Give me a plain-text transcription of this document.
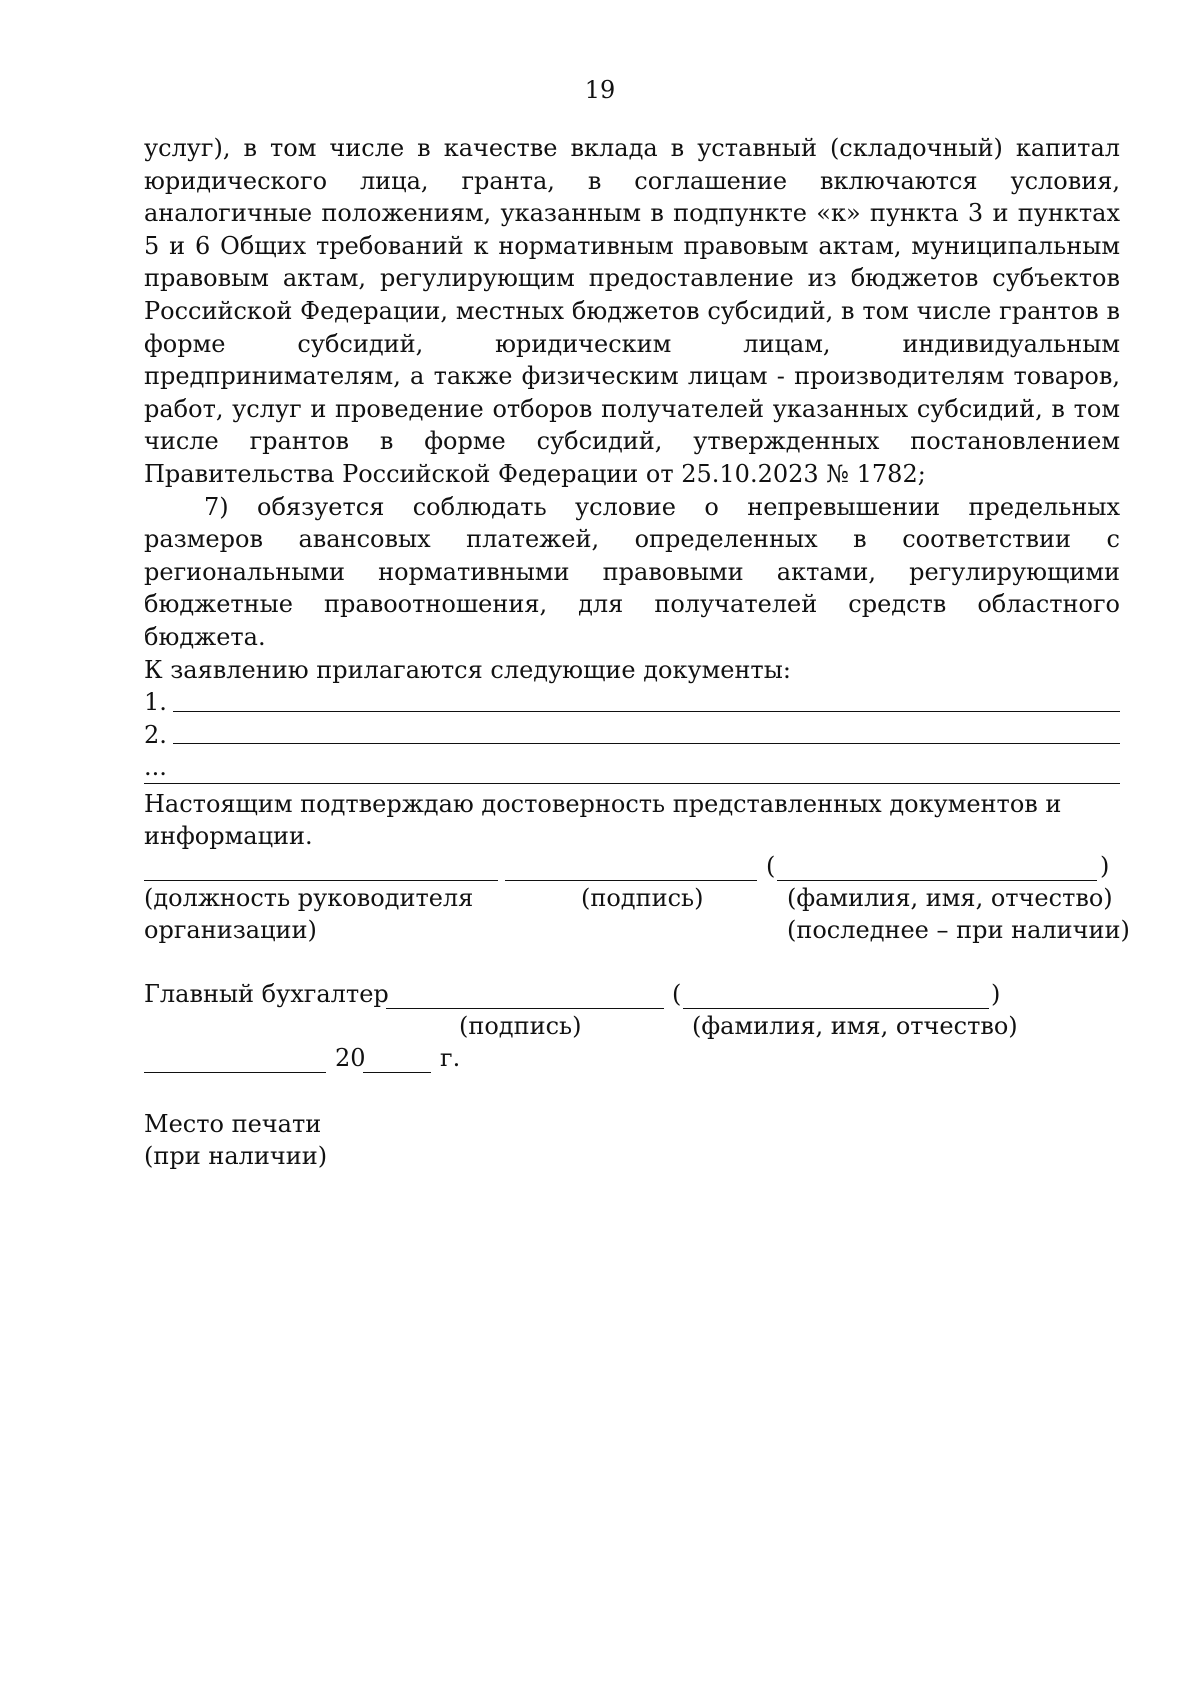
19

услуг), в том числе в качестве вклада в уставный (складочный) капитал юридического лица, гранта, в соглашение включаются условия, аналогичные положениям, указанным в подпункте «к» пункта 3 и пунктах 5 и 6 Общих требований к нормативным правовым актам, муниципальным правовым актам, регулирующим предоставление из бюджетов субъектов Российской Федерации, местных бюджетов субсидий, в том числе грантов в форме субсидий, юридическим лицам, индивидуальным предпринимателям, а также физическим лицам - производителям товаров, работ, услуг и проведение отборов получателей указанных субсидий, в том числе грантов в форме субсидий, утвержденных постановлением Правительства Российской Федерации от 25.10.2023 № 1782;

7) обязуется соблюдать условие о непревышении предельных размеров авансовых платежей, определенных в соответствии с региональными нормативными правовыми актами, регулирующими бюджетные правоотношения, для получателей средств областного бюджета.

К заявлению прилагаются следующие документы:

1.
2.
...

Настоящим подтверждаю достоверность представленных документов и

информации.

(	)
(должность руководителя
организации)
(подпись)	(фамилия, имя, отчество)
(последнее – при наличии)
Главный бухгалтер	(	)
(подпись)	(фамилия, имя, отчество)
20	г.
Место печати
(при наличии)
